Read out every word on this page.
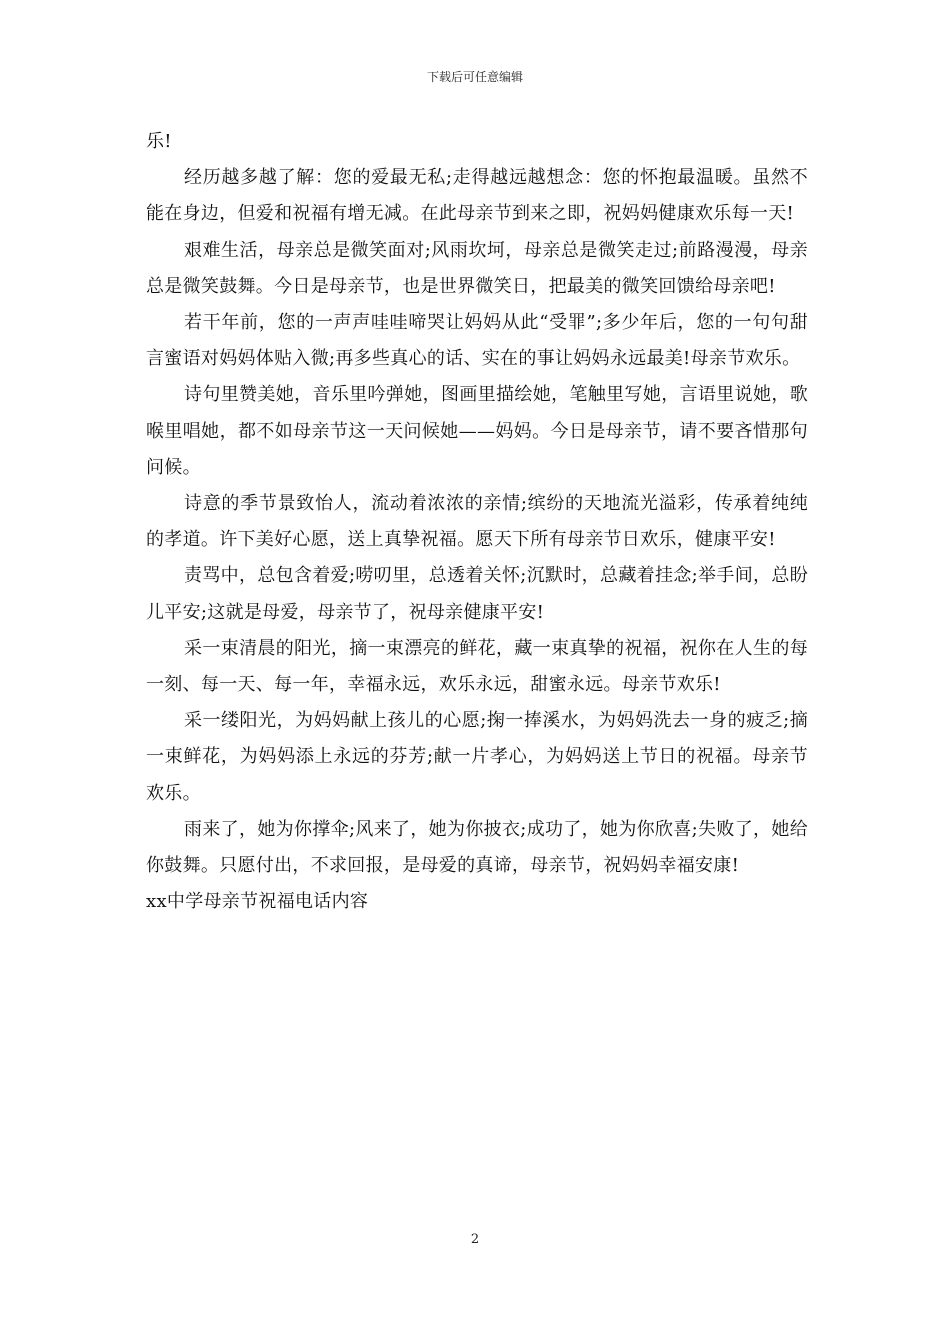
下载后可任意编辑

乐!

经历越多越了解：您的爱最无私;走得越远越想念：您的怀抱最温暖。虽然不能在身边，但爱和祝福有增无减。在此母亲节到来之即，祝妈妈健康欢乐每一天!

艰难生活，母亲总是微笑面对;风雨坎坷，母亲总是微笑走过;前路漫漫，母亲总是微笑鼓舞。今日是母亲节，也是世界微笑日，把最美的微笑回馈给母亲吧!

若干年前，您的一声声哇哇啼哭让妈妈从此“受罪”;多少年后，您的一句句甜言蜜语对妈妈体贴入微;再多些真心的话、实在的事让妈妈永远最美!母亲节欢乐。

诗句里赞美她，音乐里吟弹她，图画里描绘她，笔触里写她，言语里说她，歌喉里唱她，都不如母亲节这一天问候她——妈妈。今日是母亲节，请不要吝惜那句问候。

诗意的季节景致怡人，流动着浓浓的亲情;缤纷的天地流光溢彩，传承着纯纯的孝道。许下美好心愿，送上真挚祝福。愿天下所有母亲节日欢乐，健康平安!

责骂中，总包含着爱;唠叨里，总透着关怀;沉默时，总藏着挂念;举手间，总盼儿平安;这就是母爱，母亲节了，祝母亲健康平安!

采一束清晨的阳光，摘一束漂亮的鲜花，藏一束真挚的祝福，祝你在人生的每一刻、每一天、每一年，幸福永远，欢乐永远，甜蜜永远。母亲节欢乐!

采一缕阳光，为妈妈献上孩儿的心愿;掬一捧溪水，为妈妈洗去一身的疲乏;摘一束鲜花，为妈妈添上永远的芬芳;献一片孝心，为妈妈送上节日的祝福。母亲节欢乐。

雨来了，她为你撑伞;风来了，她为你披衣;成功了，她为你欣喜;失败了，她给你鼓舞。只愿付出，不求回报，是母爱的真谛，母亲节，祝妈妈幸福安康!

xx中学母亲节祝福电话内容

2
